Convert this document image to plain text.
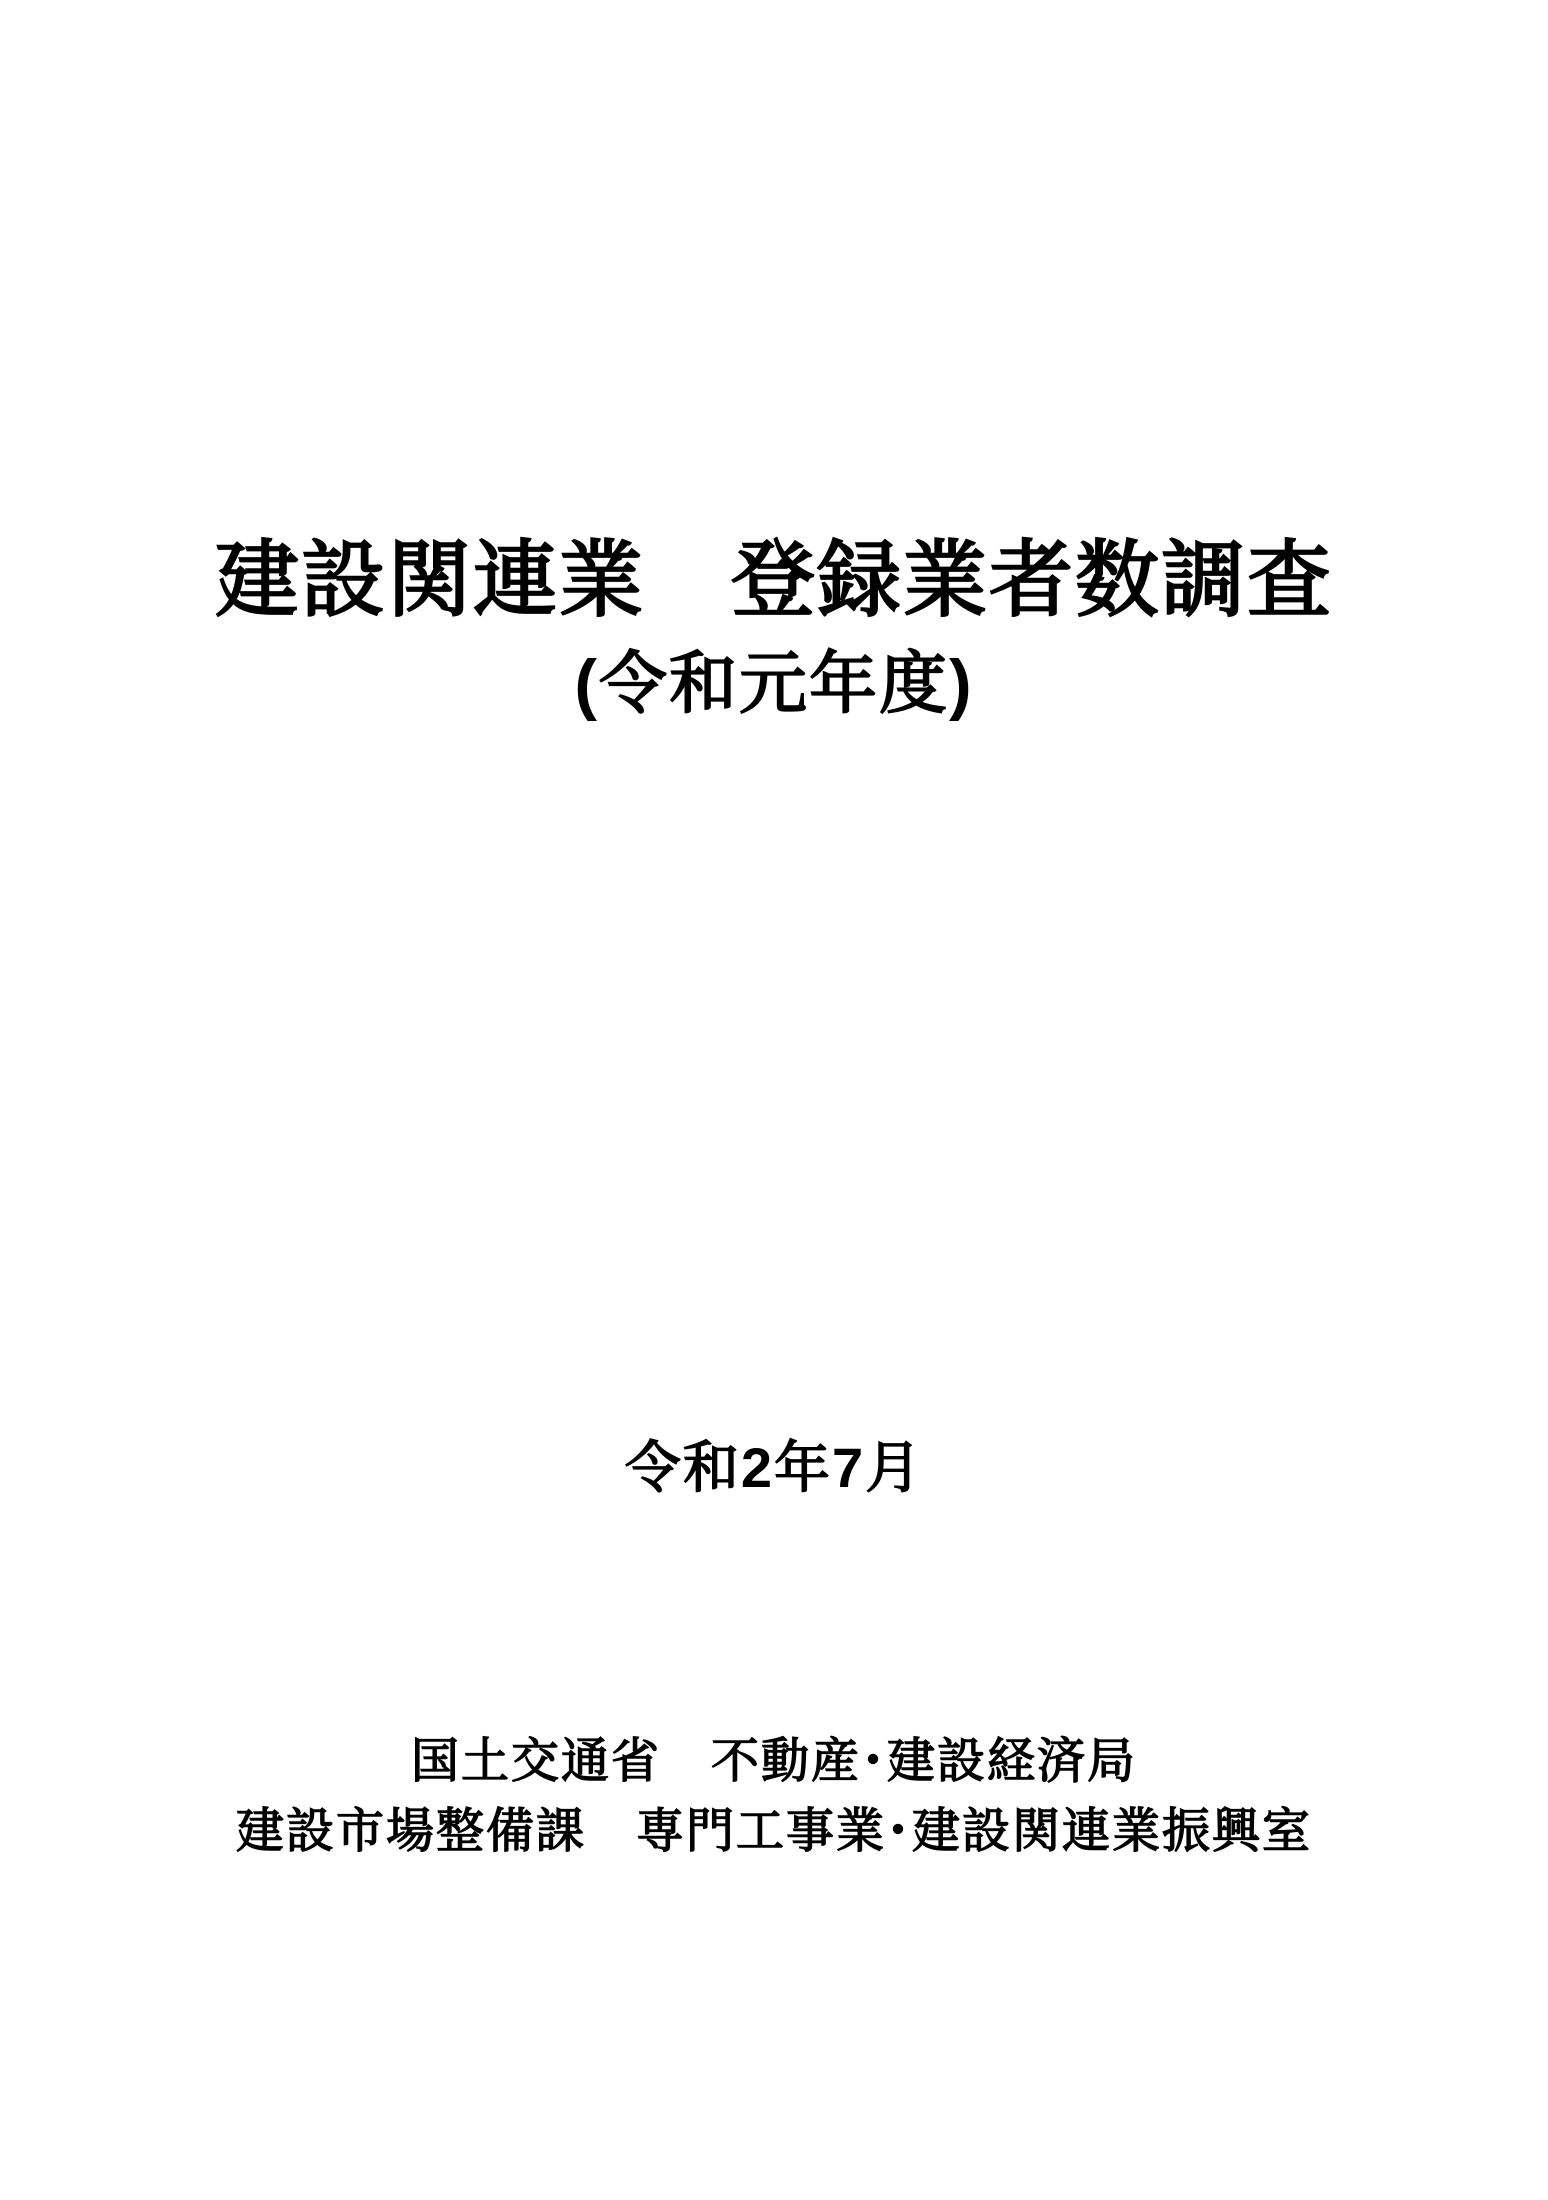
建設関連業　登録業者数調査
(令和元年度)
令和2年7月
国土交通省　不動産･建設経済局
建設市場整備課　専門工事業･建設関連業振興室
